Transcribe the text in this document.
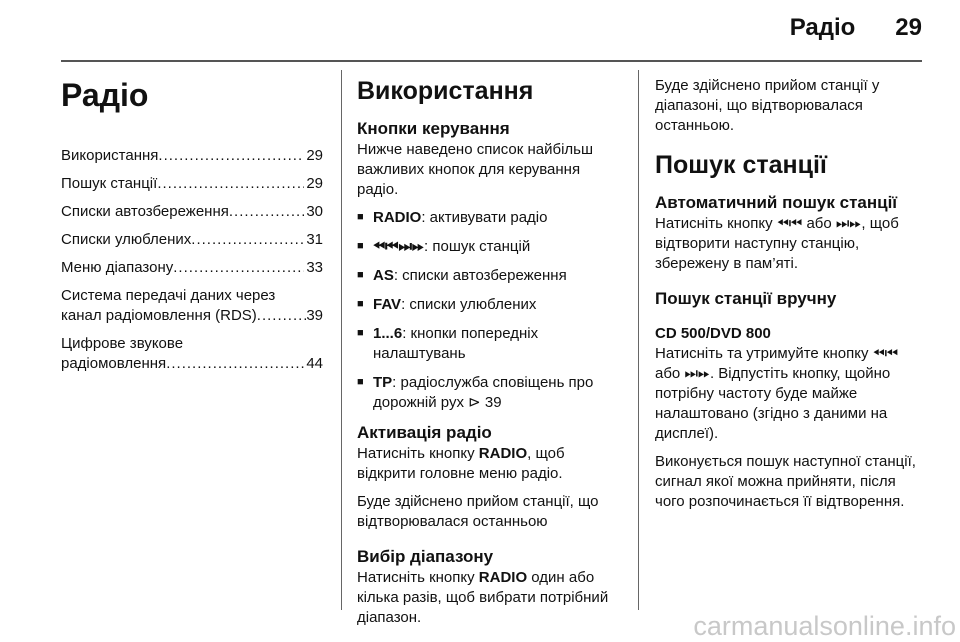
Радіо 29
Радіо
Використання .....	29
Пошук станції .....	29
Списки автозбереження .....	30
Списки улюблених .....	31
Меню діапазону .....	33
Система передачі даних через
канал радіомовлення (RDS) .....	39
Цифрове звукове
радіомовлення .....	44
Використання
Кнопки керування

Нижче наведено список найбільш важливих кнопок для керування радіо.

■ RADIO: активувати радіо
■ ⏪︎⏮︎⏭︎⏩︎: пошук станцій
■ AS: списки автозбереження
■ FAV: списки улюблених
■ 1...6: кнопки попередніх налаштувань
■ TP: радіослужба сповіщень про дорожній рух ⊳ 39
Активація радіо

Натисніть кнопку RADIO, щоб відкрити головне меню радіо.

Буде здійснено прийом станції, що відтворювалася останньою

Вибір діапазону

Натисніть кнопку RADIO один або кілька разів, щоб вибрати потрібний діапазон.

Буде здійснено прийом станції у діапазоні, що відтворювалася останньою.

Пошук станції
Автоматичний пошук станції

Натисніть кнопку ⏪︎⏮︎ або ⏭︎⏩︎, щоб відтворити наступну станцію, збережену в пам’яті.

Пошук станції вручну
CD 500/DVD 800

Натисніть та утримуйте кнопку ⏪︎⏮︎ або ⏭︎⏩︎. Відпустіть кнопку, щойно потрібну частоту буде майже налаштовано (згідно з даними на дисплеї).

Виконується пошук наступної станції, сигнал якої можна прийняти, після чого розпочинається її відтворення.

carmanualsonline.info
